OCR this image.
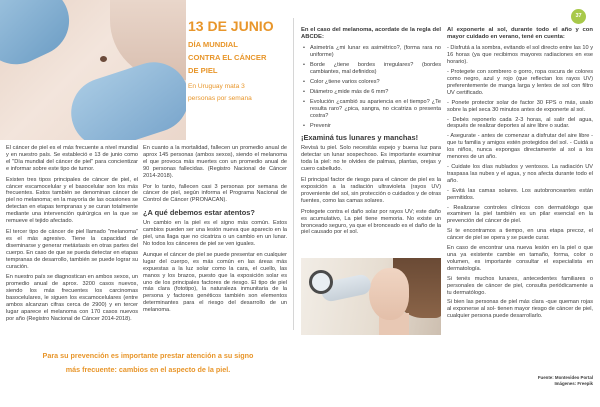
13 DE JUNIO
DÍA MUNDIAL
CONTRA EL CÁNCER
DE PIEL
En Uruguay mata 3
personas por semana
37

El cáncer de piel es el más frecuente a nivel mundial y en nuestro país. Se estableció e 13 de junio como el "Día mundial del cáncer de piel" para concientizar e informar sobre este tipo de tumor.

Existen tres tipos principales de cáncer de piel, el cáncer escamocelular y el basocelular son los más frecuentes. Estos también se denominan cáncer de piel no melanoma; en la mayoría de las ocasiones se detectan en etapas tempranas y se curan totalmente mediante una intervención quirúrgica en la que se remueve el tejido afectado.

El tercer tipo de cáncer de piel llamado "melanoma" es el más agresivo. Tiene la capacidad de diseminarse y generar metástasis en otras partes del cuerpo. En caso de que se pueda detectar en etapas tempranas de desarrollo, también se puede lograr su curación.

En nuestro país se diagnostican en ambos sexos, un promedio anual de aprox. 3200 casos nuevos, siendo los más frecuentes los carcinomas basocelulares, le siguen los escamocelulares (entre ambos alcanzan cifras cerca de 2900) y en tercer lugar aparece el melanoma con 170 casos nuevos por año (Registro Nacional de Cáncer 2014-2018).

En cuanto a la mortalidad, fallecen un promedio anual de aprox 145 personas (ambos sexos), siendo el melanoma el que provoca más muertes con un promedio anual de 90 personas fallecidas. (Registro Nacional de Cáncer 2014-2018).

Por lo tanto, fallecen casi 3 personas por semana de cáncer de piel, según informa el Programa Nacional de Control de Cáncer (PRONACAN).

¿A qué debemos estar atentos?

Un cambio en la piel es el signo más común. Estos cambios pueden ser una lesión nueva que aparecio en la piel, una llaga que no cicatriza o un cambio en un lunar. No todos los cánceres de piel se ven iguales.

Aunque el cáncer de piel se puede presentar en cualquier lugar del cuerpo, es más común en las áreas más expuestas a la luz solar como la cara, el cuello, las manos y los brazos, puesto que la exposición solar es uno de los principales factores de riesgo. El tipo de piel más clara (fototipo), la naturaleza inmunitaria de la persona y factores genéticos también son elementos determinantes para el riesgo del desarrollo de un melanoma.

En el caso del melanoma, acordate de la regla del ABCDE:
• Asimetría ¿mi lunar es asimétrico?, (forma rara no uniforme)
• Borde ¿tiene bordes irregulares? (bordes cambiantes, mal definidos)
• Color ¿tiene varios colores?
• Diámetro ¿mide más de 6 mm?
• Evolución ¿cambió su apariencia en el tiempo? ¿Te resulta raro? ¿pica, sangra, no cicatriza o presenta costra?
• Prevenir
¡Examiná tus lunares y manchas!

Revisá tu piel. Solo necesitás espejo y buena luz para detectar un lunar sospechoso. Es importante examinar toda la piel: no te olvides de palmas, plantas, orejas y cuero cabelludo.

El principal factor de riesgo para el cáncer de piel es la exposición a la radiación ultravioleta (rayos UV) proveniente del sol, sin protección o cuidados y de otras fuentes, como las camas solares.

Protegete contra el daño solar por rayos UV; este daño es acumulativo, La piel tiene memoria. No existe un bronceado seguro, ya que el bronceado es el daño de la piel causado por el sol.

Al exponerte al sol, durante todo el año y con mayor cuidado en verano, tené en cuenta:

- Disfrutá a la sombra, evitando el sol directo entre las 10 y 16 horas (ya que recibimos mayores radiaciones en ese horario).

- Protegete con sombrero o gorro, ropa oscura de colores como negro, azul y rojo (que reflectan los rayos UV) preferentemente de manga larga y lentes de sol con filtro UV certificado.

- Ponete protector solar de factor 30 FPS o más, usalo sobre la piel seca 30 minutos antes de exponerte al sol.

- Debés reponerlo cada 2-3 horas, al salir del agua, después de realizar deportes al aire libre o sudar.

- Asegurate - antes de comenzar a disfrutar del aire libre - que tu familia y amigos estén protegidos del sol. - Cuidá a los niños, nunca expongas directamente al sol a los menores de un año.

- Cuidate los días nublados y ventosos. La radiación UV traspasa las nubes y el agua, y nos afecta durante todo el año.

- Evitá las camas solares. Los autobronceantes están permitidos.

- Realizarse controles clínicos con dermatólogo que examinen la piel también es un pilar esencial en la prevención del cáncer de piel.

Si te encontramos a tiempo, en una etapa precoz, el cáncer de piel se opera y se puede curar.

En caso de encontrar una nueva lesión en la piel o que una ya existente cambie en tamaño, forma, color o volumen, es importante consultar el especialista en dermatología.

Si tenés muchos lunares, antecedentes familiares o personales de cáncer de piel, consulta periódicamente a tu dermatólogo.

Si bien las personas de piel más clara -que queman rojas al exponerse al sol- tienen mayor riesgo de cáncer de piel, cualquier persona puede desarrollarlo.

Para su prevención es importante prestar atención a su signo
más frecuente: cambios en el aspecto de la piel.
Fuente: Montevideo Portal
Imágenes: Freepik
